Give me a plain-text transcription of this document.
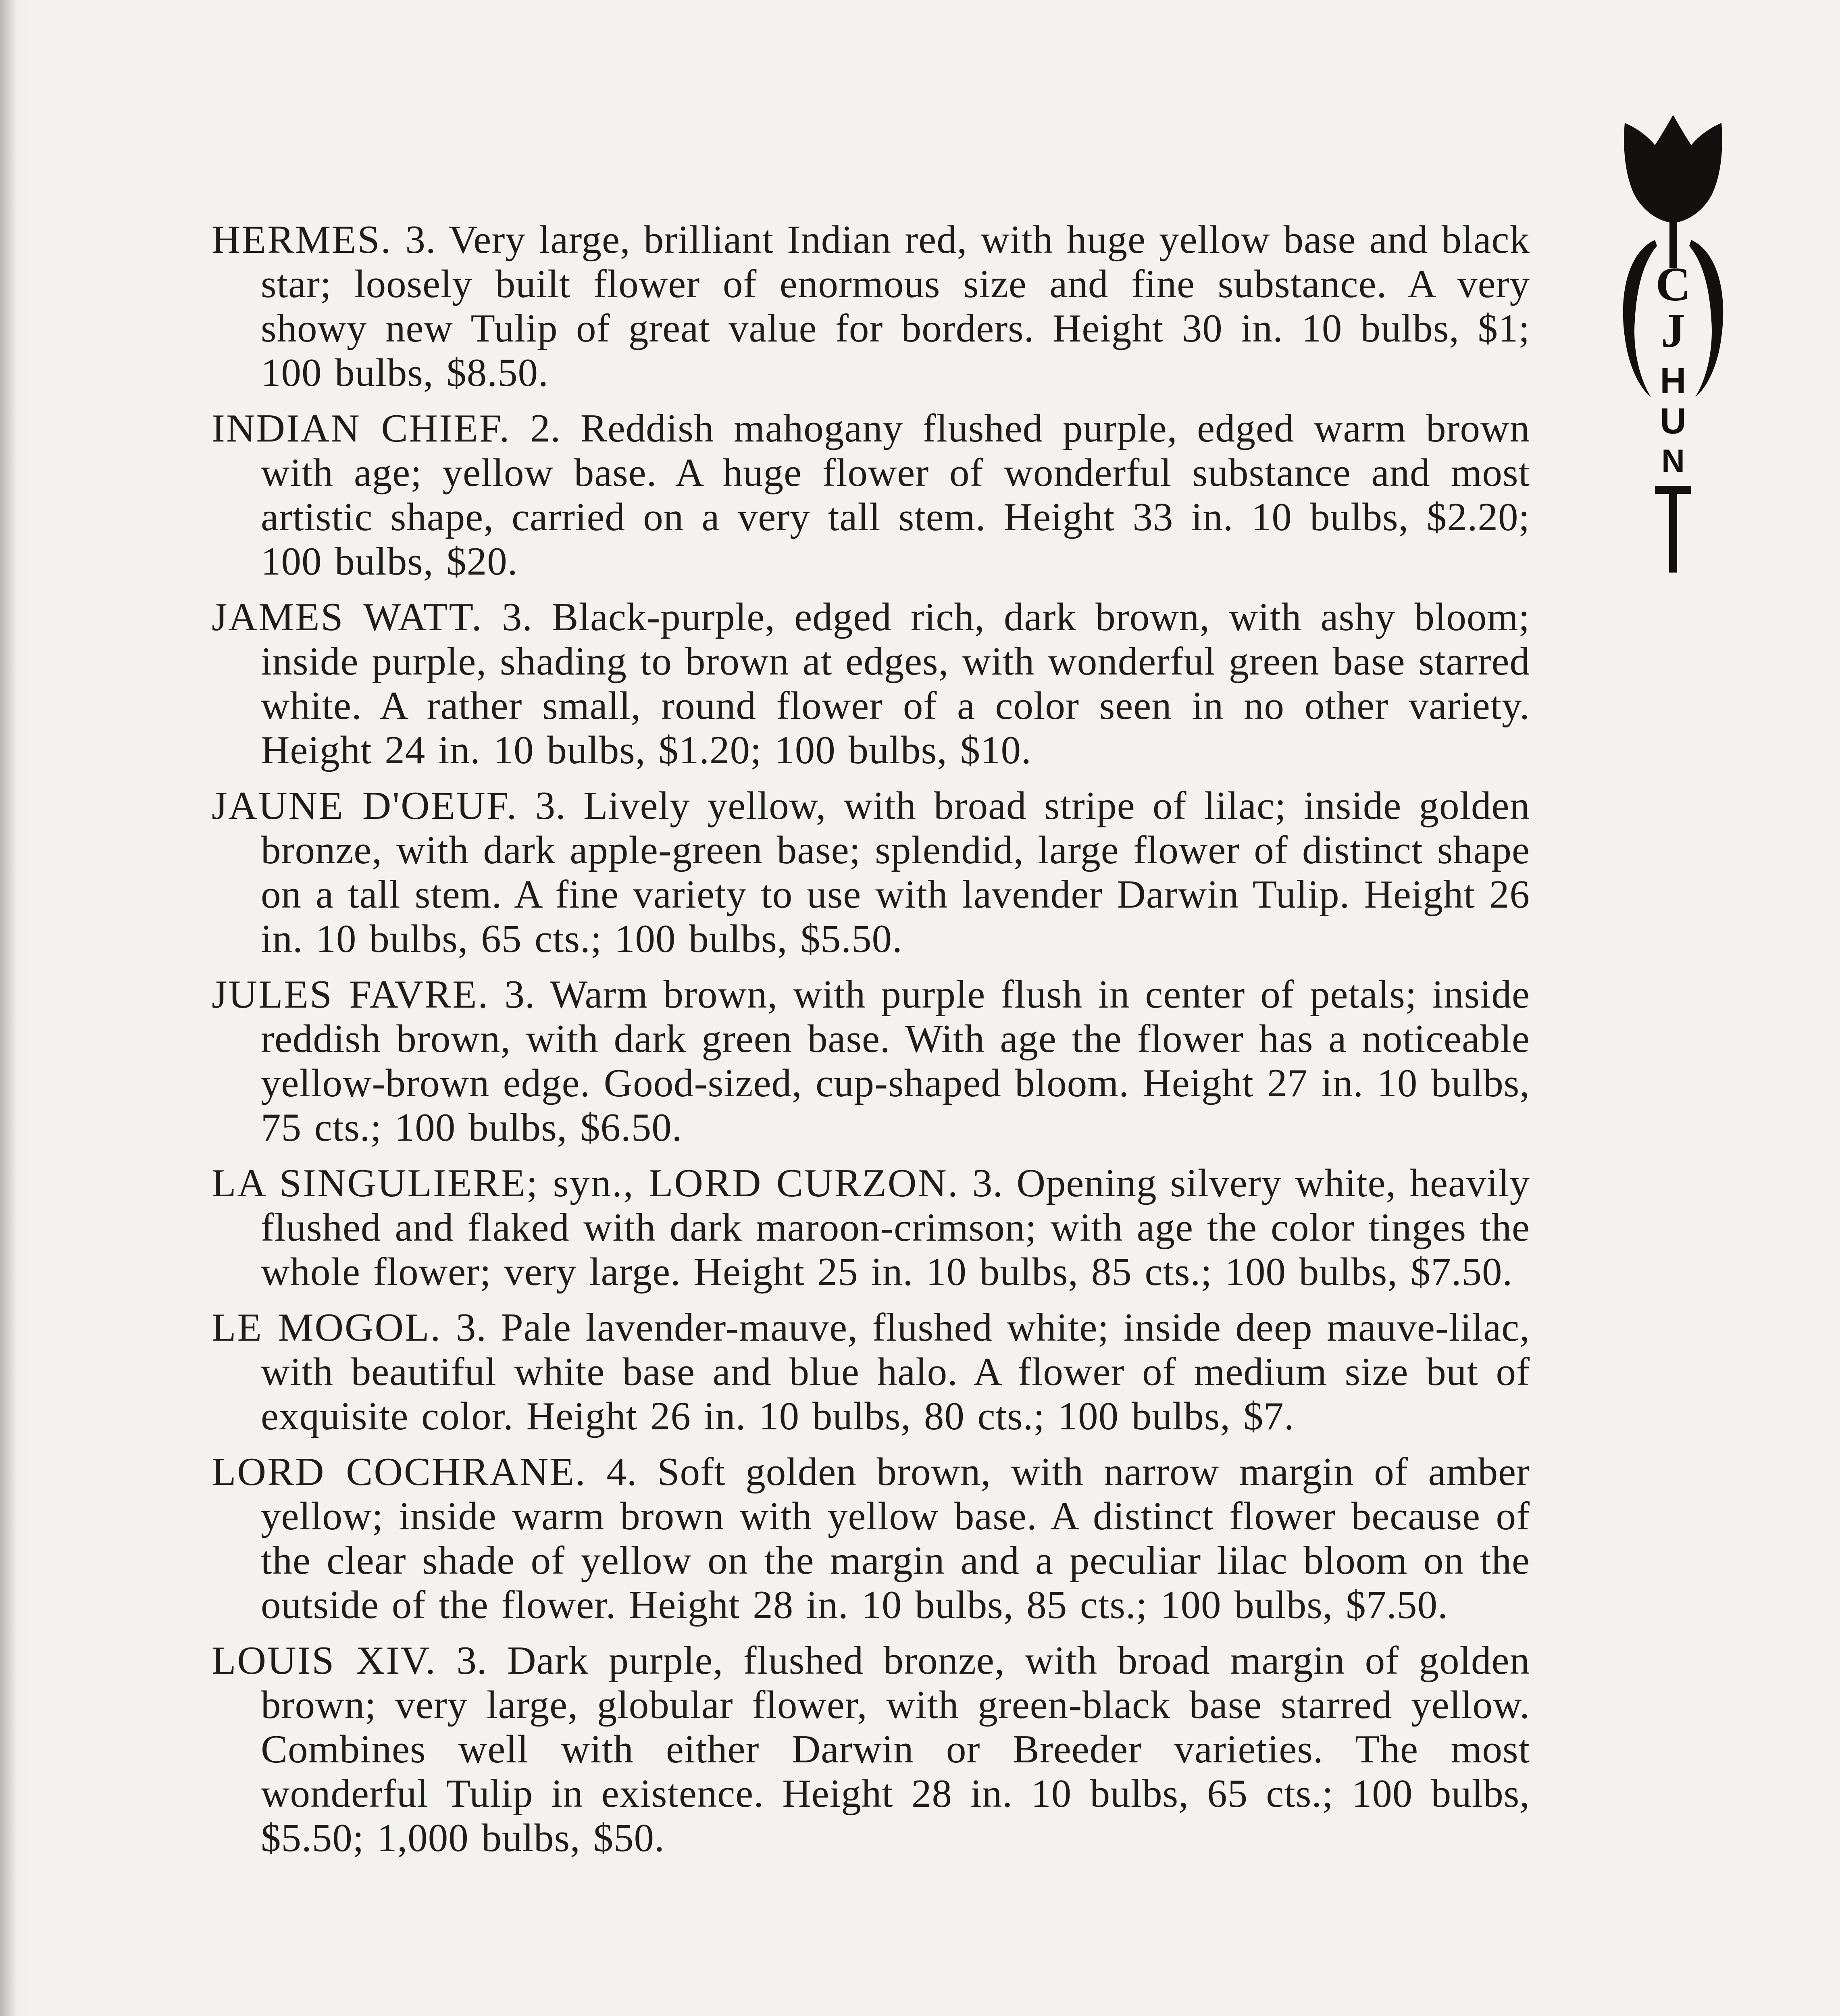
C
J
H
U
N

HERMES. 3. Very large, brilliant Indian red, with huge yellow base and black star; loosely built flower of enormous size and fine substance. A very showy new Tulip of great value for borders. Height 30 in. 10 bulbs, $1; 100 bulbs, $8.50.

INDIAN CHIEF. 2. Reddish mahogany flushed purple, edged warm brown with age; yellow base. A huge flower of wonderful substance and most artistic shape, carried on a very tall stem. Height 33 in. 10 bulbs, $2.20; 100 bulbs, $20.

JAMES WATT. 3. Black-purple, edged rich, dark brown, with ashy bloom; inside purple, shading to brown at edges, with wonderful green base starred white. A rather small, round flower of a color seen in no other variety. Height 24 in. 10 bulbs, $1.20; 100 bulbs, $10.

JAUNE D'OEUF. 3. Lively yellow, with broad stripe of lilac; inside golden bronze, with dark apple-green base; splendid, large flower of distinct shape on a tall stem. A fine variety to use with lavender Darwin Tulip. Height 26 in. 10 bulbs, 65 cts.; 100 bulbs, $5.50.

JULES FAVRE. 3. Warm brown, with purple flush in center of petals; inside reddish brown, with dark green base. With age the flower has a noticeable yellow-brown edge. Good-sized, cup-shaped bloom. Height 27 in. 10 bulbs, 75 cts.; 100 bulbs, $6.50.

LA SINGULIERE; syn., LORD CURZON. 3. Opening silvery white, heavily flushed and flaked with dark maroon-crimson; with age the color tinges the whole flower; very large. Height 25 in. 10 bulbs, 85 cts.; 100 bulbs, $7.50.

LE MOGOL. 3. Pale lavender-mauve, flushed white; inside deep mauve-lilac, with beautiful white base and blue halo. A flower of medium size but of exquisite color. Height 26 in. 10 bulbs, 80 cts.; 100 bulbs, $7.

LORD COCHRANE. 4. Soft golden brown, with narrow margin of amber yellow; inside warm brown with yellow base. A distinct flower because of the clear shade of yellow on the margin and a peculiar lilac bloom on the outside of the flower. Height 28 in. 10 bulbs, 85 cts.; 100 bulbs, $7.50.

LOUIS XIV. 3. Dark purple, flushed bronze, with broad margin of golden brown; very large, globular flower, with green-black base starred yellow. Combines well with either Darwin or Breeder varieties. The most wonderful Tulip in existence. Height 28 in. 10 bulbs, 65 cts.; 100 bulbs, $5.50; 1,000 bulbs, $50.
